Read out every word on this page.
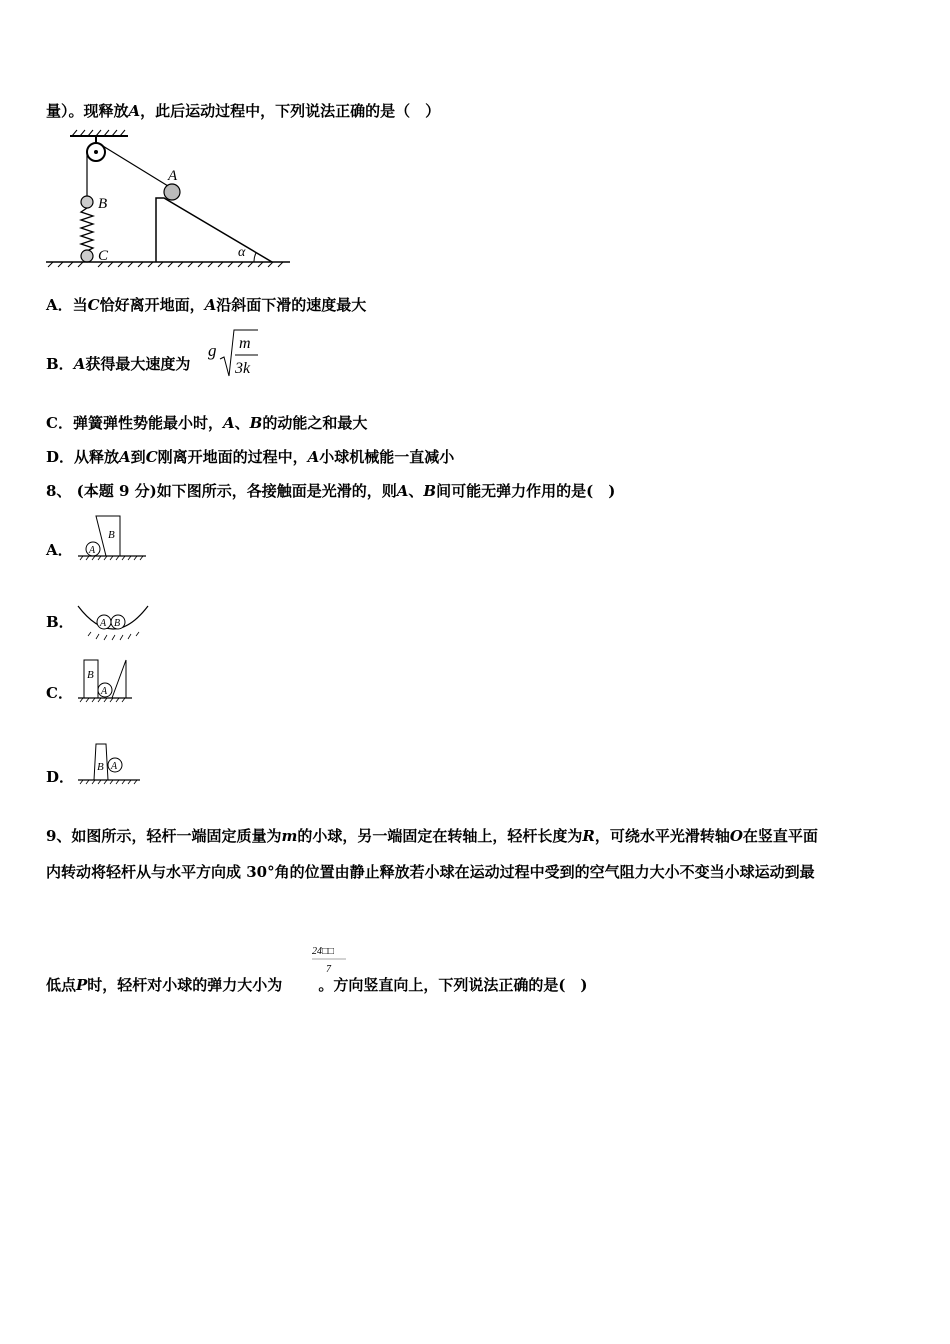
量）。现释放A，此后运动过程中，下列说法正确的是（　）
B
C	α
A
A．当C恰好离开地面，A沿斜面下滑的速度最大
B．A获得最大速度为
g m
3k
C．弹簧弹性势能最小时，A、B的动能之和最大
D．从释放A到C刚离开地面的过程中，A小球机械能一直减小
8、 (本题 9 分)如下图所示，各接触面是光滑的，则A、B间可能无弹力作用的是(　)
A．
B
A
B．	A B
C．
B
A
D．
B A
9、如图所示，轻杆一端固定质量为m的小球，另一端固定在转轴上，轻杆长度为R，可绕水平光滑转轴O在竖直平面
内转动将轻杆从与水平方向成 30°角的位置由静止释放若小球在运动过程中受到的空气阻力大小不变当小球运动到最
24□□
7
低点P时，轻杆对小球的弹力大小为 。方向竖直向上，下列说法正确的是(　)
